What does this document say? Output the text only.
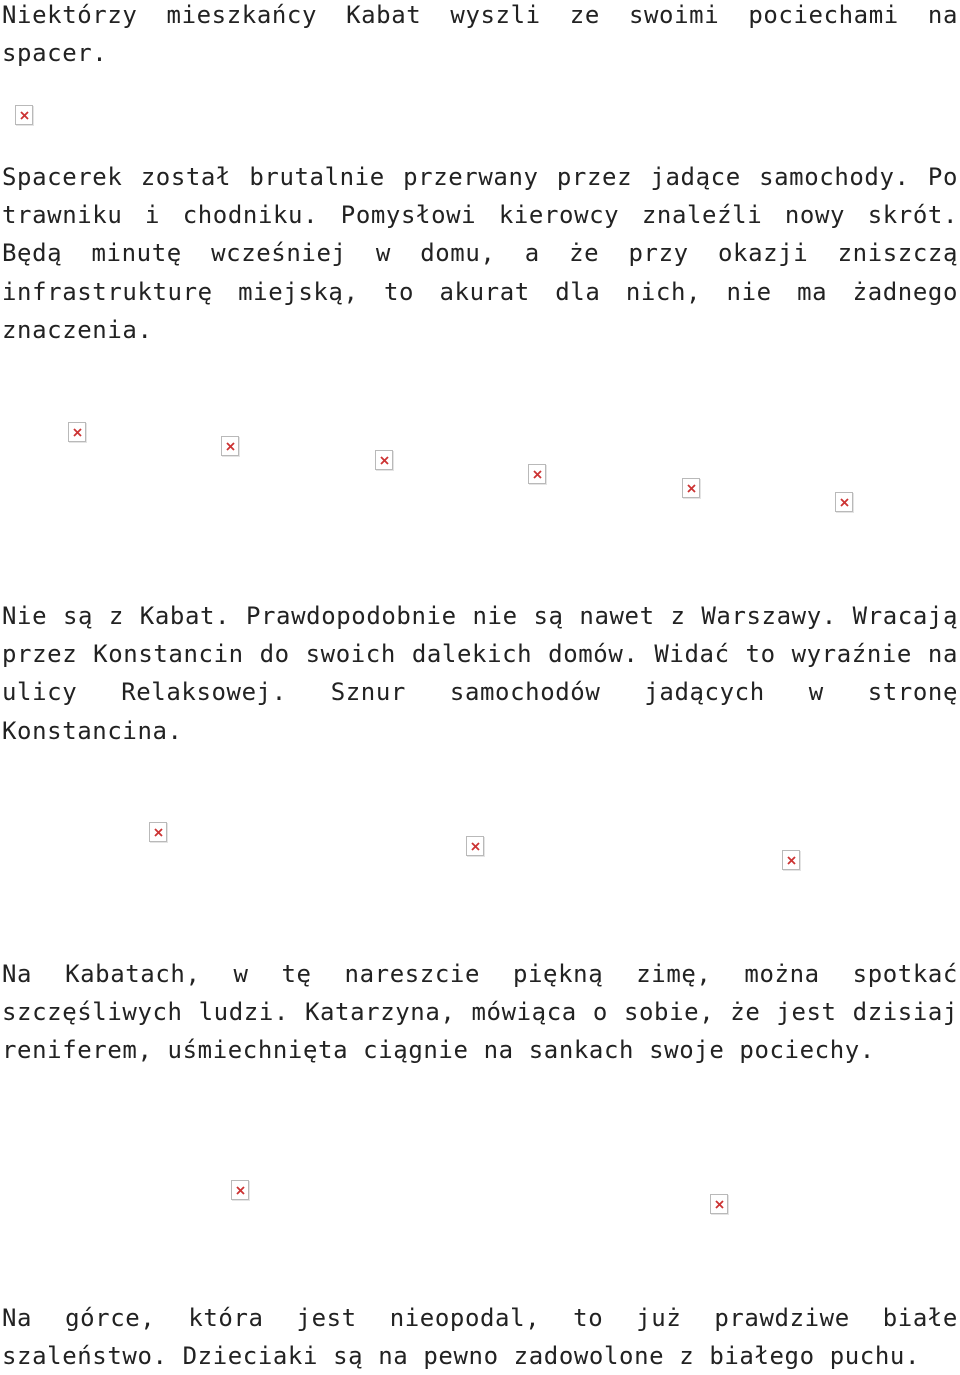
Niektórzy mieszkańcy Kabat wyszli ze swoimi pociechami na spacer.

Spacerek został brutalnie przerwany przez jadące samochody. Po trawniku i chodniku. Pomysłowi kierowcy znaleźli nowy skrót. Będą minutę wcześniej w domu, a że przy okazji zniszczą infrastrukturę miejską, to akurat dla nich, nie ma żadnego znaczenia.

Nie są z Kabat. Prawdopodobnie nie są nawet z Warszawy. Wracają przez Konstancin do swoich dalekich domów. Widać to wyraźnie na ulicy Relaksowej. Sznur samochodów jadących w stronę Konstancina.

Na Kabatach, w tę nareszcie piękną zimę, można spotkać szczęśliwych ludzi. Katarzyna, mówiąca o sobie, że jest dzisiaj reniferem, uśmiechnięta ciągnie na sankach swoje pociechy.

Na górce, która jest nieopodal, to już prawdziwe białe szaleństwo. Dzieciaki są na pewno zadowolone z białego puchu.
